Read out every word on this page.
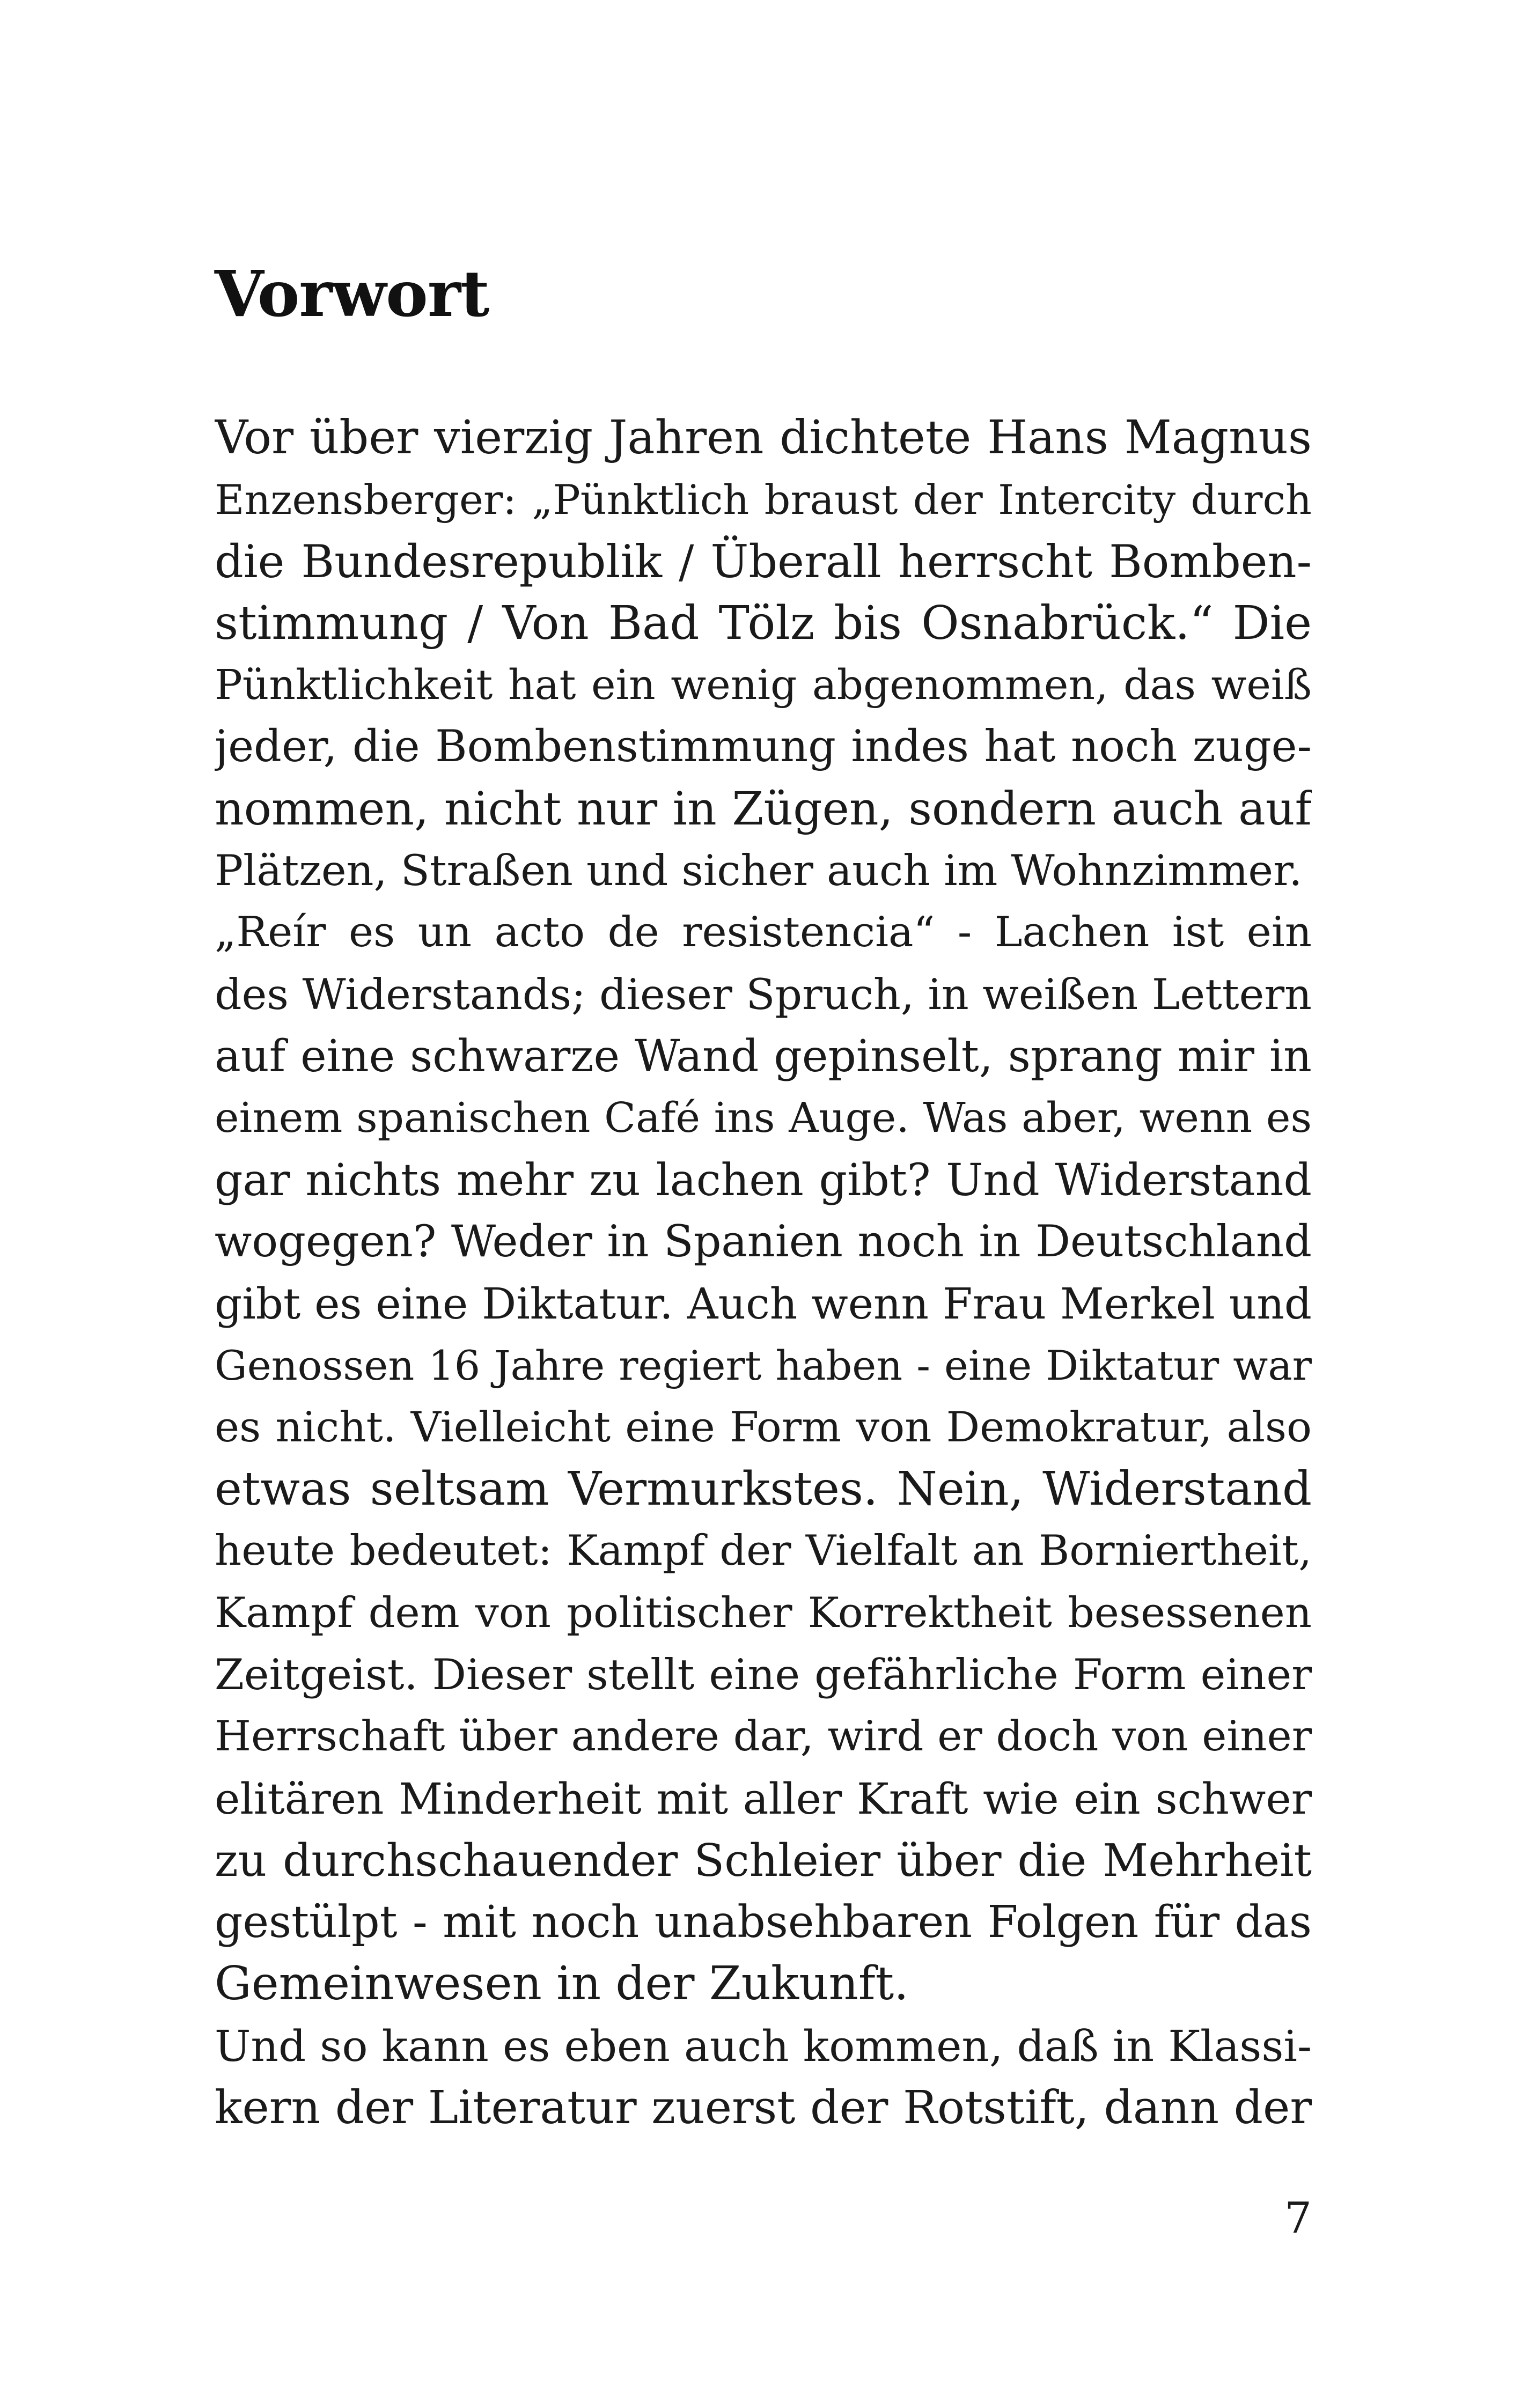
Vorwort
Vor über vierzig Jahren dichtete Hans Magnus
Enzensberger: „Pünktlich braust der Intercity durch
die Bundesrepublik / Überall herrscht Bomben-
stimmung / Von Bad Tölz bis Osnabrück.“ Die
Pünktlichkeit hat ein wenig abgenommen, das weiß
jeder, die Bombenstimmung indes hat noch zuge-
nommen, nicht nur in Zügen, sondern auch auf
Plätzen, Straßen und sicher auch im Wohnzimmer.
„Reír es un acto de resistencia“ - Lachen ist ein
des Widerstands; dieser Spruch, in weißen Lettern
auf eine schwarze Wand gepinselt, sprang mir in
einem spanischen Café ins Auge. Was aber, wenn es
gar nichts mehr zu lachen gibt? Und Widerstand
wogegen? Weder in Spanien noch in Deutschland
gibt es eine Diktatur. Auch wenn Frau Merkel und
Genossen 16 Jahre regiert haben - eine Diktatur war
es nicht. Vielleicht eine Form von Demokratur, also
etwas seltsam Vermurkstes. Nein, Widerstand
heute bedeutet: Kampf der Vielfalt an Borniertheit,
Kampf dem von politischer Korrektheit besessenen
Zeitgeist. Dieser stellt eine gefährliche Form einer
Herrschaft über andere dar, wird er doch von einer
elitären Minderheit mit aller Kraft wie ein schwer
zu durchschauender Schleier über die Mehrheit
gestülpt - mit noch unabsehbaren Folgen für das
Gemeinwesen in der Zukunft.
Und so kann es eben auch kommen, daß in Klassi-
kern der Literatur zuerst der Rotstift, dann der
7
